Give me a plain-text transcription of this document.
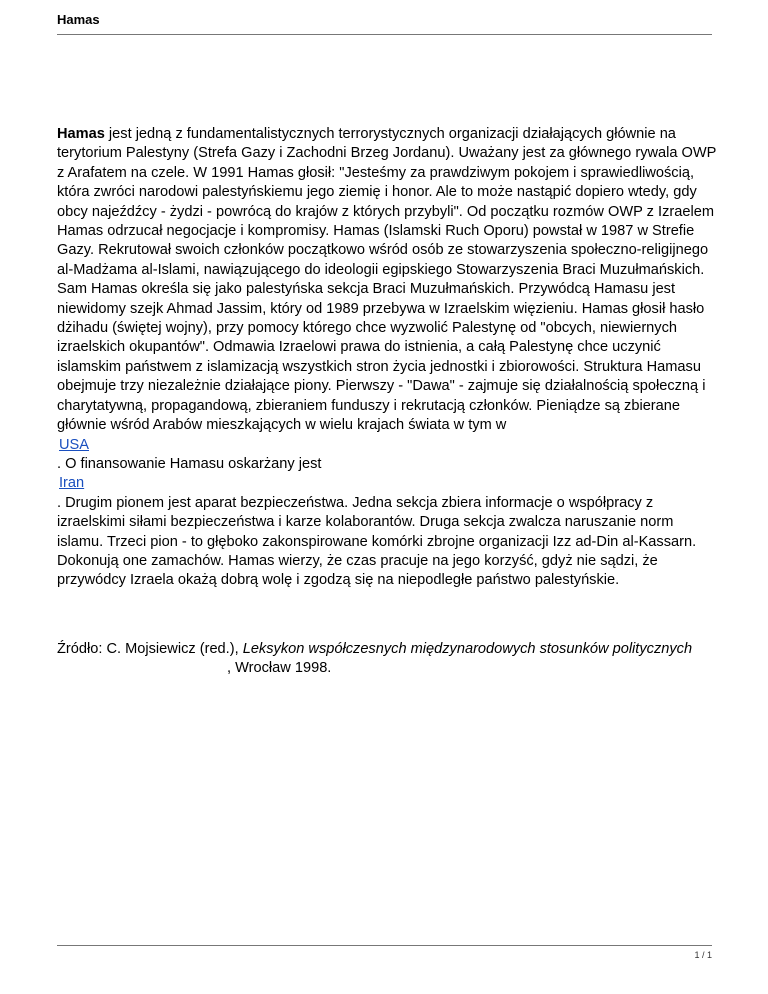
Hamas

Hamas jest jedną z fundamentalistycznych terrorystycznych organizacji działających głównie na terytorium Palestyny (Strefa Gazy i Zachodni Brzeg Jordanu). Uważany jest za głównego rywala OWP z Arafatem na czele. W 1991 Hamas głosił: "Jesteśmy za prawdziwym pokojem i sprawiedliwością, która zwróci narodowi palestyńskiemu jego ziemię i honor. Ale to może nastąpić dopiero wtedy, gdy obcy najeźdźcy - żydzi - powrócą do krajów z których przybyli". Od początku rozmów OWP z Izraelem Hamas odrzucał negocjacje i kompromisy. Hamas (Islamski Ruch Oporu) powstał w 1987 w Strefie Gazy. Rekrutował swoich członków początkowo wśród osób ze stowarzyszenia społeczno-religijnego al-Madżama al-Islami, nawiązującego do ideologii egipskiego Stowarzyszenia Braci Muzułmańskich. Sam Hamas określa się jako palestyńska sekcja Braci Muzułmańskich. Przywódcą Hamasu jest niewidomy szejk Ahmad Jassim, który od 1989 przebywa w Izraelskim więzieniu. Hamas głosił hasło dżihadu (świętej wojny), przy pomocy którego chce wyzwolić Palestynę od "obcych, niewiernych izraelskich okupantów". Odmawia Izraelowi prawa do istnienia, a całą Palestynę chce uczynić islamskim państwem z islamizacją wszystkich stron życia jednostki i zbiorowości. Struktura Hamasu obejmuje trzy niezależnie działające piony. Pierwszy - "Dawa" - zajmuje się działalnością społeczną i charytatywną, propagandową, zbieraniem funduszy i rekrutacją członków. Pieniądze są zbierane głównie wśród Arabów mieszkających w wielu krajach świata w tym w

USA

. O finansowanie Hamasu oskarżany jest

Iran

. Drugim pionem jest aparat bezpieczeństwa. Jedna sekcja zbiera informacje o współpracy z izraelskimi siłami bezpieczeństwa i karze kolaborantów. Druga sekcja zwalcza naruszanie norm islamu. Trzeci pion - to głęboko zakonspirowane komórki zbrojne organizacji Izz ad-Din al-Kassarn. Dokonują one zamachów. Hamas wierzy, że czas pracuje na jego korzyść, gdyż nie sądzi, że przywódcy Izraela okażą dobrą wolę i zgodzą się na niepodległe państwo palestyńskie.

Źródło: C. Mojsiewicz (red.), Leksykon współczesnych międzynarodowych stosunków politycznych, Wrocław 1998.

1 / 1
